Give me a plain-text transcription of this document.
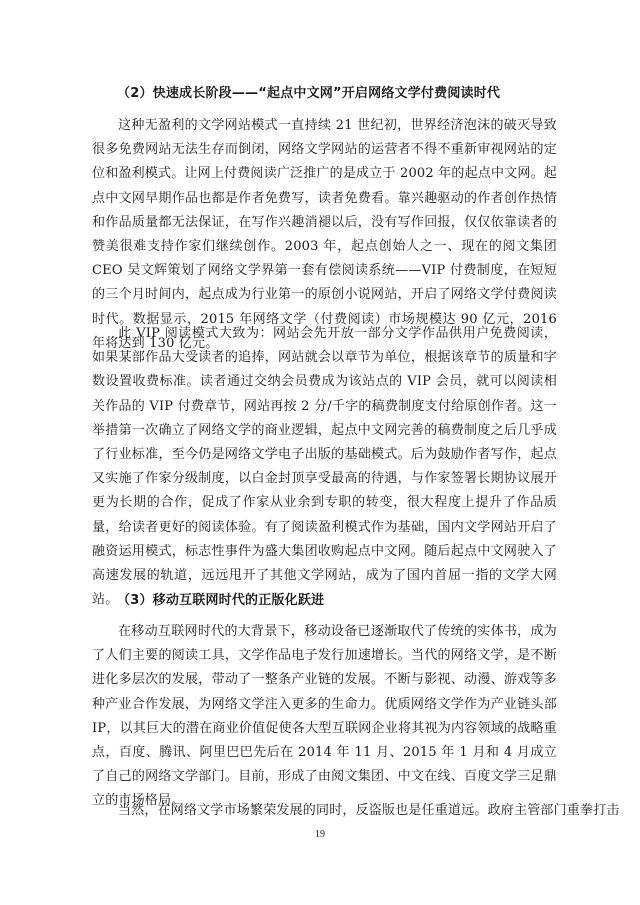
（2）快速成长阶段——“起点中文网”开启网络文学付费阅读时代
这种无盈利的文学网站模式一直持续 21 世纪初，世界经济泡沫的破灭导致很多免费网站无法生存而倒闭，网络文学网站的运营者不得不重新审视网站的定位和盈利模式。让网上付费阅读广泛推广的是成立于 2002 年的起点中文网。起点中文网早期作品也都是作者免费写，读者免费看。靠兴趣驱动的作者创作热情和作品质量都无法保证，在写作兴趣消褪以后，没有写作回报，仅仅依靠读者的赞美很难支持作家们继续创作。2003 年，起点创始人之一、现在的阅文集团 CEO 吴文辉策划了网络文学界第一套有偿阅读系统——VIP 付费制度，在短短的三个月时间内，起点成为行业第一的原创小说网站，开启了网络文学付费阅读时代。数据显示，2015 年网络文学（付费阅读）市场规模达 90 亿元，2016 年将达到 130 亿元。
此 VIP 阅读模式大致为：网站会先开放一部分文学作品供用户免费阅读，如果某部作品大受读者的追捧，网站就会以章节为单位，根据该章节的质量和字数设置收费标准。读者通过交纳会员费成为该站点的 VIP 会员，就可以阅读相关作品的 VIP 付费章节，网站再按 2 分/千字的稿费制度支付给原创作者。这一举措第一次确立了网络文学的商业逻辑，起点中文网完善的稿费制度之后几乎成了行业标准，至今仍是网络文学电子出版的基础模式。后为鼓励作者写作，起点又实施了作家分级制度，以白金封顶享受最高的待遇，与作家签署长期协议展开更为长期的合作，促成了作家从业余到专职的转变，很大程度上提升了作品质量，给读者更好的阅读体验。有了阅读盈利模式作为基础，国内文学网站开启了融资运用模式，标志性事件为盛大集团收购起点中文网。随后起点中文网驶入了高速发展的轨道，远远甩开了其他文学网站，成为了国内首屈一指的文学大网站。
（3）移动互联网时代的正版化跃进
在移动互联网时代的大背景下，移动设备已逐渐取代了传统的实体书，成为了人们主要的阅读工具，文学作品电子发行加速增长。当代的网络文学，是不断进化多层次的发展，带动了一整条产业链的发展。不断与影视、动漫、游戏等多种产业合作发展，为网络文学注入更多的生命力。优质网络文学作为产业链头部 IP，以其巨大的潜在商业价值促使各大型互联网企业将其视为内容领域的战略重点，百度、腾讯、阿里巴巴先后在 2014 年 11 月、2015 年 1 月和 4 月成立了自己的网络文学部门。目前，形成了由阅文集团、中文在线、百度文学三足鼎立的市场格局。
当然，在网络文学市场繁荣发展的同时，反盗版也是任重道远。政府主管部门重拳打击
19
